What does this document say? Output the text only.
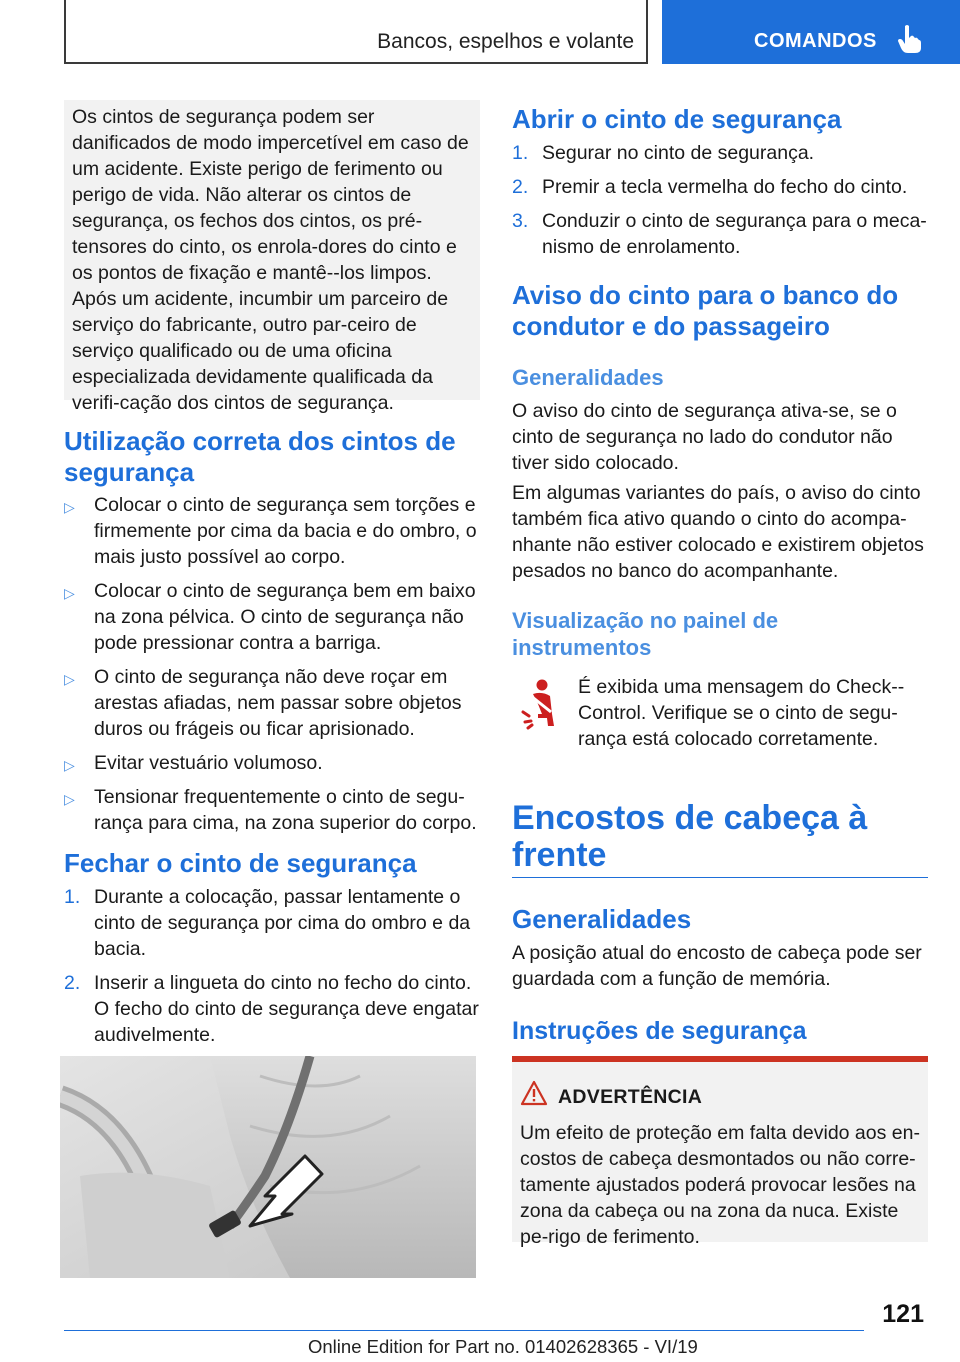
Bancos, espelhos e volante	COMANDOS

Os cintos de segurança podem ser danificados de modo impercetível em caso de um acidente. Existe perigo de ferimento ou perigo de vida. Não alterar os cintos de segurança, os fechos dos cintos, os pré-tensores do cinto, os enrola-dores do cinto e os pontos de fixação e mantê--los limpos. Após um acidente, incumbir um parceiro de serviço do fabricante, outro par-ceiro de serviço qualificado ou de uma oficina especializada devidamente qualificada da verifi-cação dos cintos de segurança.

Utilização correta dos cintos de segurança
▷ Colocar o cinto de segurança sem torções e firmemente por cima da bacia e do ombro, o mais justo possível ao corpo.
▷ Colocar o cinto de segurança bem em baixo na zona pélvica. O cinto de segurança não pode pressionar contra a barriga.
▷ O cinto de segurança não deve roçar em arestas afiadas, nem passar sobre objetos duros ou frágeis ou ficar aprisionado.
▷ Evitar vestuário volumoso.
▷ Tensionar frequentemente o cinto de segu-rança para cima, na zona superior do corpo.
Fechar o cinto de segurança
1. Durante a colocação, passar lentamente o cinto de segurança por cima do ombro e da bacia.
2. Inserir a lingueta do cinto no fecho do cinto. O fecho do cinto de segurança deve engatar audivelmente.
Abrir o cinto de segurança
1. Segurar no cinto de segurança.
2. Premir a tecla vermelha do fecho do cinto.
3. Conduzir o cinto de segurança para o meca-nismo de enrolamento.
Aviso do cinto para o banco do condutor e do passageiro
Generalidades

O aviso do cinto de segurança ativa-se, se o cinto de segurança no lado do condutor não tiver sido colocado.

Em algumas variantes do país, o aviso do cinto também fica ativo quando o cinto do acompa-nhante não estiver colocado e existirem objetos pesados no banco do acompanhante.

Visualização no painel de instrumentos

É exibida uma mensagem do Check--Control. Verifique se o cinto de segu-rança está colocado corretamente.

Encostos de cabeça à frente
Generalidades

A posição atual do encosto de cabeça pode ser guardada com a função de memória.

Instruções de segurança
ADVERTÊNCIA

Um efeito de proteção em falta devido aos en-costos de cabeça desmontados ou não corre-tamente ajustados poderá provocar lesões na zona da cabeça ou na zona da nuca. Existe pe-rigo de ferimento.

121
Online Edition for Part no. 01402628365 - VI/19
